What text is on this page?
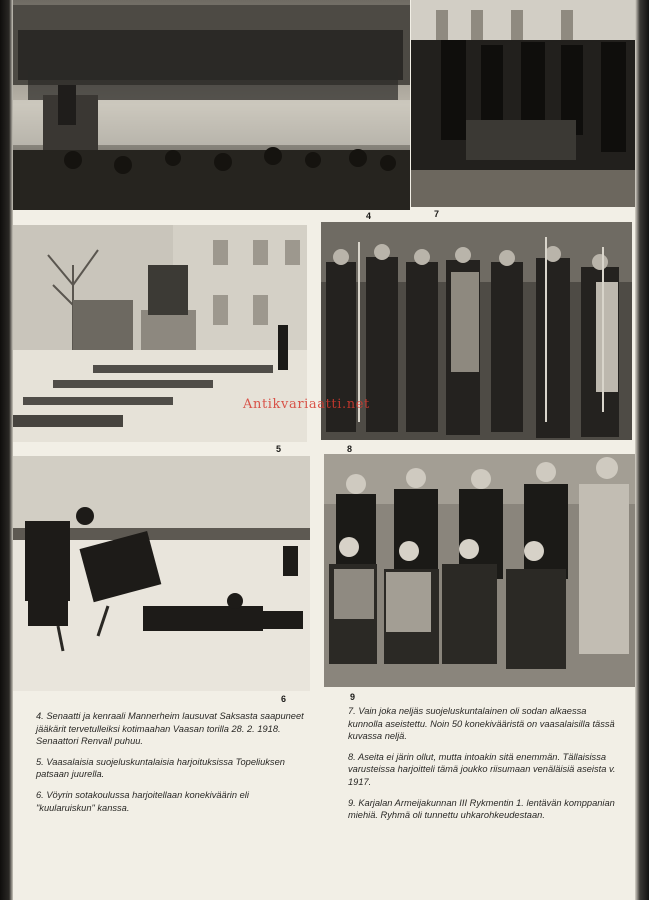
4	7
5	8
6	9
Antikvariaatti.net

4. Senaatti ja kenraali Mannerheim lausuvat Saksasta saapuneet jääkärit tervetulleiksi kotimaahan Vaasan torilla 28. 2. 1918. Senaattori Renvall puhuu.

5. Vaasalaisia suojeluskuntalaisia harjoituksissa Topeliuksen patsaan juurella.

6. Vöyrin sotakoulussa harjoitellaan konekiväärin eli "kuularuiskun" kanssa.

7. Vain joka neljäs suojeluskuntalainen oli sodan alkaessa kunnolla aseistettu. Noin 50 konekivääristä on vaasalaisilla tässä kuvassa neljä.

8. Aseita ei järin ollut, mutta intoakin sitä enemmän. Tällaisissa varusteissa harjoitteli tämä joukko riisumaan venäläisiä aseista v. 1917.

9. Karjalan Armeijakunnan III Rykmentin 1. lentävän komppanian miehiä. Ryhmä oli tunnettu uhkarohkeudestaan.
